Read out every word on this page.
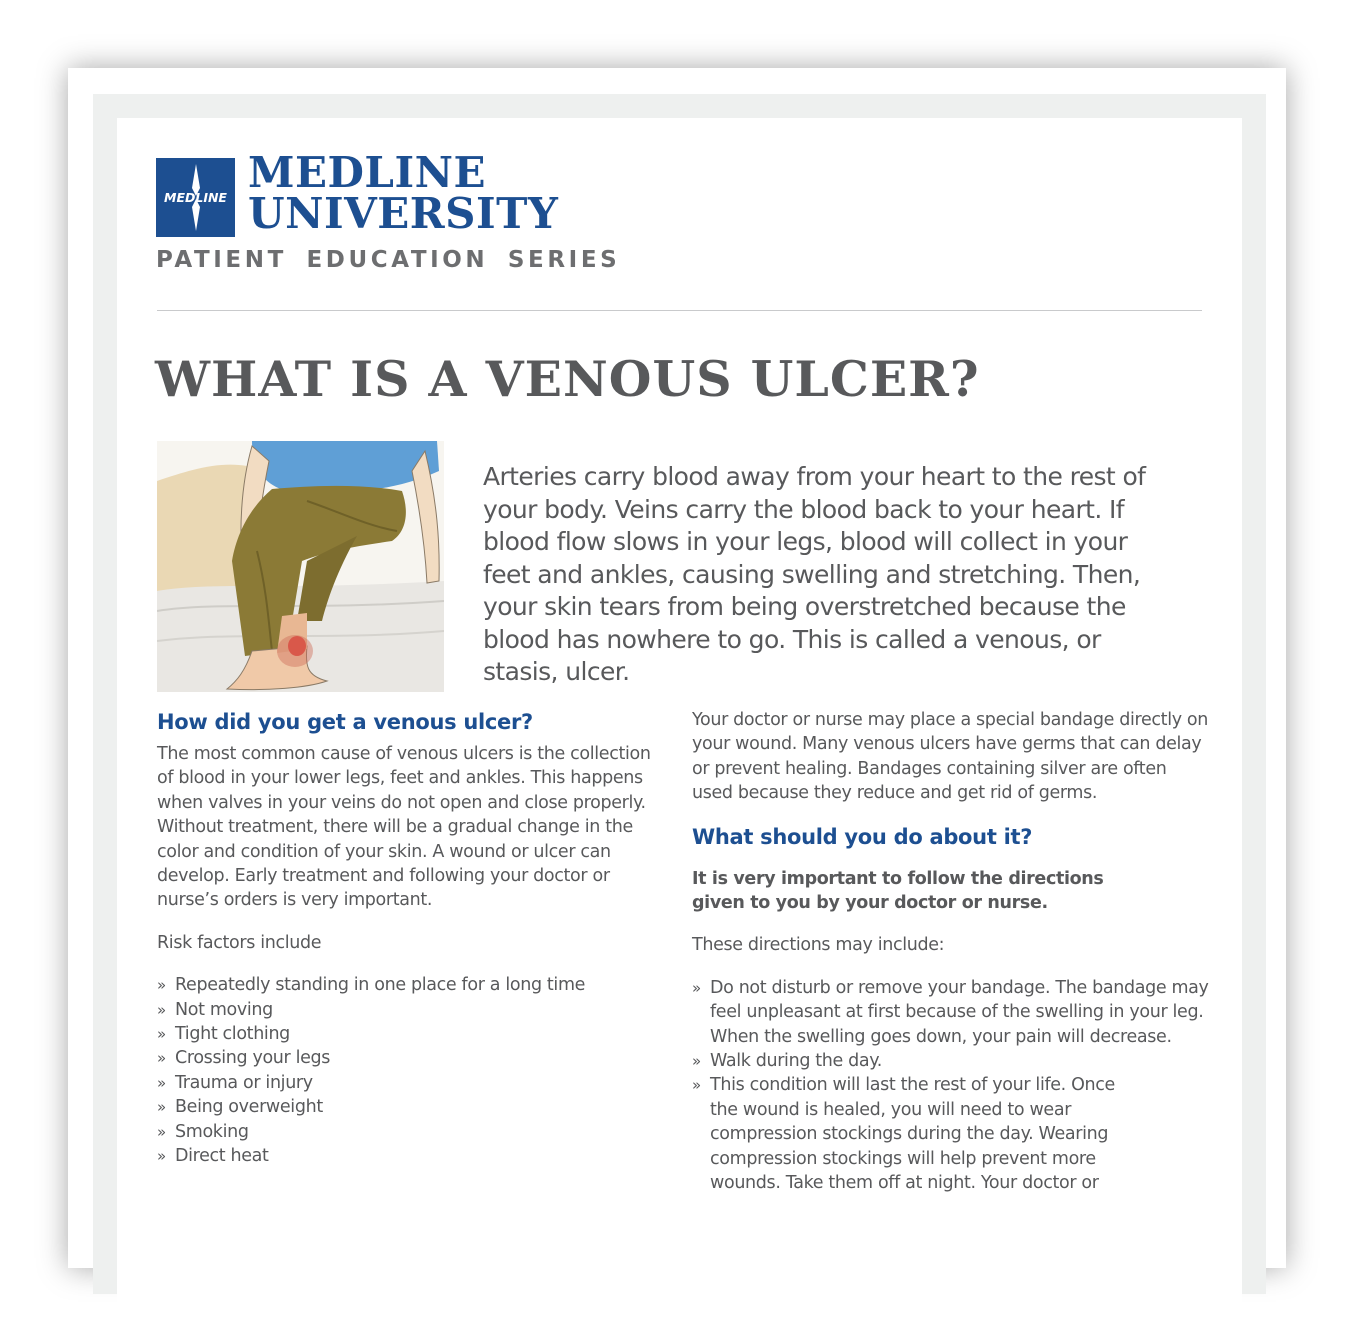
MEDLINE
MEDLINE
UNIVERSITY
PATIENT EDUCATION SERIES
WHAT IS A VENOUS ULCER?
Arteries carry blood away from your heart to the rest of your body. Veins carry the blood back to your heart. If blood flow slows in your legs, blood will collect in your feet and ankles, causing swelling and stretching. Then, your skin tears from being overstretched because the blood has nowhere to go. This is called a venous, or stasis, ulcer.
How did you get a venous ulcer?

The most common cause of venous ulcers is the collection of blood in your lower legs, feet and ankles. This happens when valves in your veins do not open and close properly. Without treatment, there will be a gradual change in the color and condition of your skin. A wound or ulcer can develop. Early treatment and following your doctor or nurse’s orders is very important.

Risk factors include

» Repeatedly standing in one place for a long time
» Not moving
» Tight clothing
» Crossing your legs
» Trauma or injury
» Being overweight
» Smoking
» Direct heat

Your doctor or nurse may place a special bandage directly on your wound. Many venous ulcers have germs that can delay or prevent healing. Bandages containing silver are often used because they reduce and get rid of germs.

What should you do about it?

It is very important to follow the directions given to you by your doctor or nurse.

These directions may include:

» Do not disturb or remove your bandage. The bandage may feel unpleasant at first because of the swelling in your leg. When the swelling goes down, your pain will decrease.
» Walk during the day.
» This condition will last the rest of your life. Once the wound is healed, you will need to wear compression stockings during the day. Wearing compression stockings will help prevent more wounds. Take them off at night. Your doctor or
